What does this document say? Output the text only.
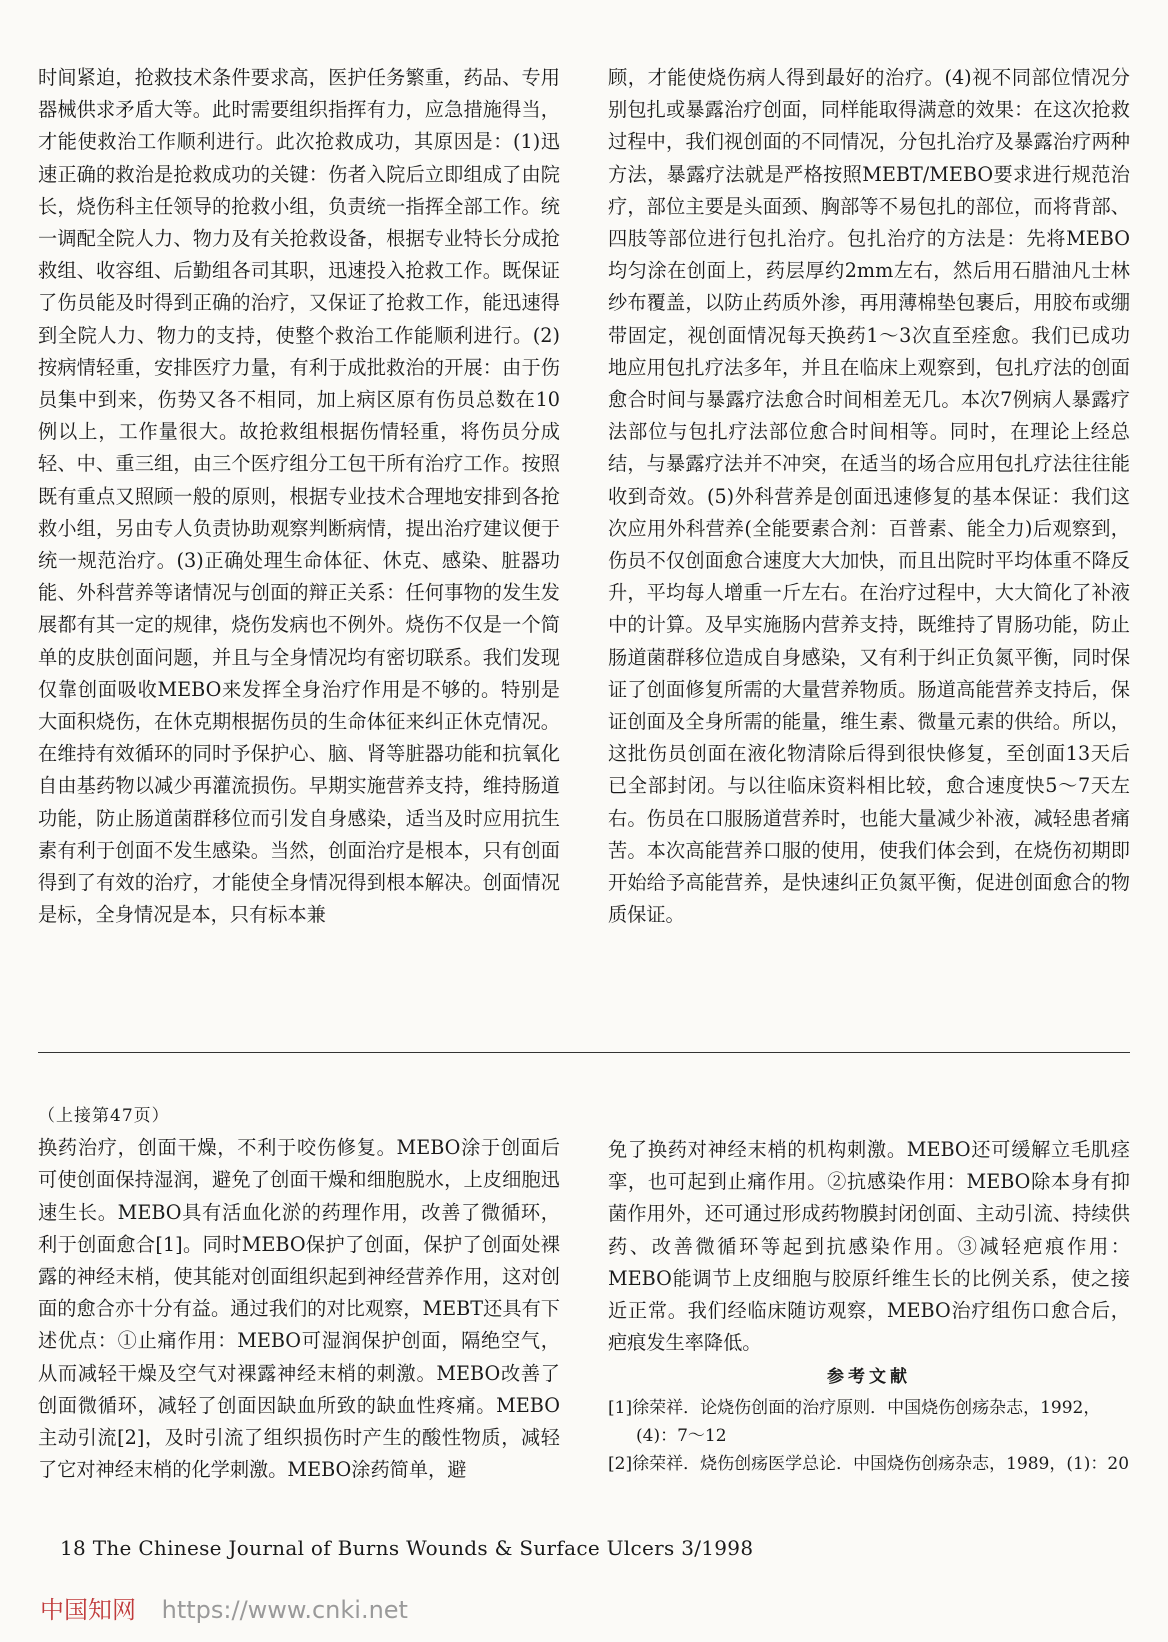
时间紧迫，抢救技术条件要求高，医护任务繁重，药品、专用器械供求矛盾大等。此时需要组织指挥有力，应急措施得当，才能使救治工作顺利进行。此次抢救成功，其原因是：(1)迅速正确的救治是抢救成功的关键：伤者入院后立即组成了由院长，烧伤科主任领导的抢救小组，负责统一指挥全部工作。统一调配全院人力、物力及有关抢救设备，根据专业特长分成抢救组、收容组、后勤组各司其职，迅速投入抢救工作。既保证了伤员能及时得到正确的治疗，又保证了抢救工作，能迅速得到全院人力、物力的支持，使整个救治工作能顺利进行。(2)按病情轻重，安排医疗力量，有利于成批救治的开展：由于伤员集中到来，伤势又各不相同，加上病区原有伤员总数在10例以上，工作量很大。故抢救组根据伤情轻重，将伤员分成轻、中、重三组，由三个医疗组分工包干所有治疗工作。按照既有重点又照顾一般的原则，根据专业技术合理地安排到各抢救小组，另由专人负责协助观察判断病情，提出治疗建议便于统一规范治疗。(3)正确处理生命体征、休克、感染、脏器功能、外科营养等诸情况与创面的辩正关系：任何事物的发生发展都有其一定的规律，烧伤发病也不例外。烧伤不仅是一个简单的皮肤创面问题，并且与全身情况均有密切联系。我们发现仅靠创面吸收MEBO来发挥全身治疗作用是不够的。特别是大面积烧伤，在休克期根据伤员的生命体征来纠正休克情况。在维持有效循环的同时予保护心、脑、肾等脏器功能和抗氧化自由基药物以减少再灌流损伤。早期实施营养支持，维持肠道功能，防止肠道菌群移位而引发自身感染，适当及时应用抗生素有利于创面不发生感染。当然，创面治疗是根本，只有创面得到了有效的治疗，才能使全身情况得到根本解决。创面情况是标，全身情况是本，只有标本兼

顾，才能使烧伤病人得到最好的治疗。(4)视不同部位情况分别包扎或暴露治疗创面，同样能取得满意的效果：在这次抢救过程中，我们视创面的不同情况，分包扎治疗及暴露治疗两种方法，暴露疗法就是严格按照MEBT/MEBO要求进行规范治疗，部位主要是头面颈、胸部等不易包扎的部位，而将背部、四肢等部位进行包扎治疗。包扎治疗的方法是：先将MEBO均匀涂在创面上，药层厚约2mm左右，然后用石腊油凡士林纱布覆盖，以防止药质外渗，再用薄棉垫包裹后，用胶布或绷带固定，视创面情况每天换药1～3次直至痊愈。我们已成功地应用包扎疗法多年，并且在临床上观察到，包扎疗法的创面愈合时间与暴露疗法愈合时间相差无几。本次7例病人暴露疗法部位与包扎疗法部位愈合时间相等。同时，在理论上经总结，与暴露疗法并不冲突，在适当的场合应用包扎疗法往往能收到奇效。(5)外科营养是创面迅速修复的基本保证：我们这次应用外科营养(全能要素合剂：百普素、能全力)后观察到，伤员不仅创面愈合速度大大加快，而且出院时平均体重不降反升，平均每人增重一斤左右。在治疗过程中，大大简化了补液中的计算。及早实施肠内营养支持，既维持了胃肠功能，防止肠道菌群移位造成自身感染，又有利于纠正负氮平衡，同时保证了创面修复所需的大量营养物质。肠道高能营养支持后，保证创面及全身所需的能量，维生素、微量元素的供给。所以，这批伤员创面在液化物清除后得到很快修复，至创面13天后已全部封闭。与以往临床资料相比较，愈合速度快5～7天左右。伤员在口服肠道营养时，也能大量减少补液，减轻患者痛苦。本次高能营养口服的使用，使我们体会到，在烧伤初期即开始给予高能营养，是快速纠正负氮平衡，促进创面愈合的物质保证。

（上接第47页）

换药治疗，创面干燥，不利于咬伤修复。MEBO涂于创面后可使创面保持湿润，避免了创面干燥和细胞脱水，上皮细胞迅速生长。MEBO具有活血化淤的药理作用，改善了微循环，利于创面愈合[1]。同时MEBO保护了创面，保护了创面处裸露的神经末梢，使其能对创面组织起到神经营养作用，这对创面的愈合亦十分有益。通过我们的对比观察，MEBT还具有下述优点：①止痛作用：MEBO可湿润保护创面，隔绝空气，从而减轻干燥及空气对裸露神经末梢的刺激。MEBO改善了创面微循环，减轻了创面因缺血所致的缺血性疼痛。MEBO主动引流[2]，及时引流了组织损伤时产生的酸性物质，减轻了它对神经末梢的化学刺激。MEBO涂药简单，避

免了换药对神经末梢的机构刺激。MEBO还可缓解立毛肌痉挛，也可起到止痛作用。②抗感染作用：MEBO除本身有抑菌作用外，还可通过形成药物膜封闭创面、主动引流、持续供药、改善微循环等起到抗感染作用。③减轻疤痕作用：MEBO能调节上皮细胞与胶原纤维生长的比例关系，使之接近正常。我们经临床随访观察，MEBO治疗组伤口愈合后，疤痕发生率降低。

参考文献

[1]徐荣祥．论烧伤创面的治疗原则．中国烧伤创疡杂志，1992，(4)：7～12

[2]徐荣祥．烧伤创疡医学总论．中国烧伤创疡杂志，1989，(1)：20

18 The Chinese Journal of Burns Wounds & Surface Ulcers 3/1998
中国知网 https://www.cnki.net
